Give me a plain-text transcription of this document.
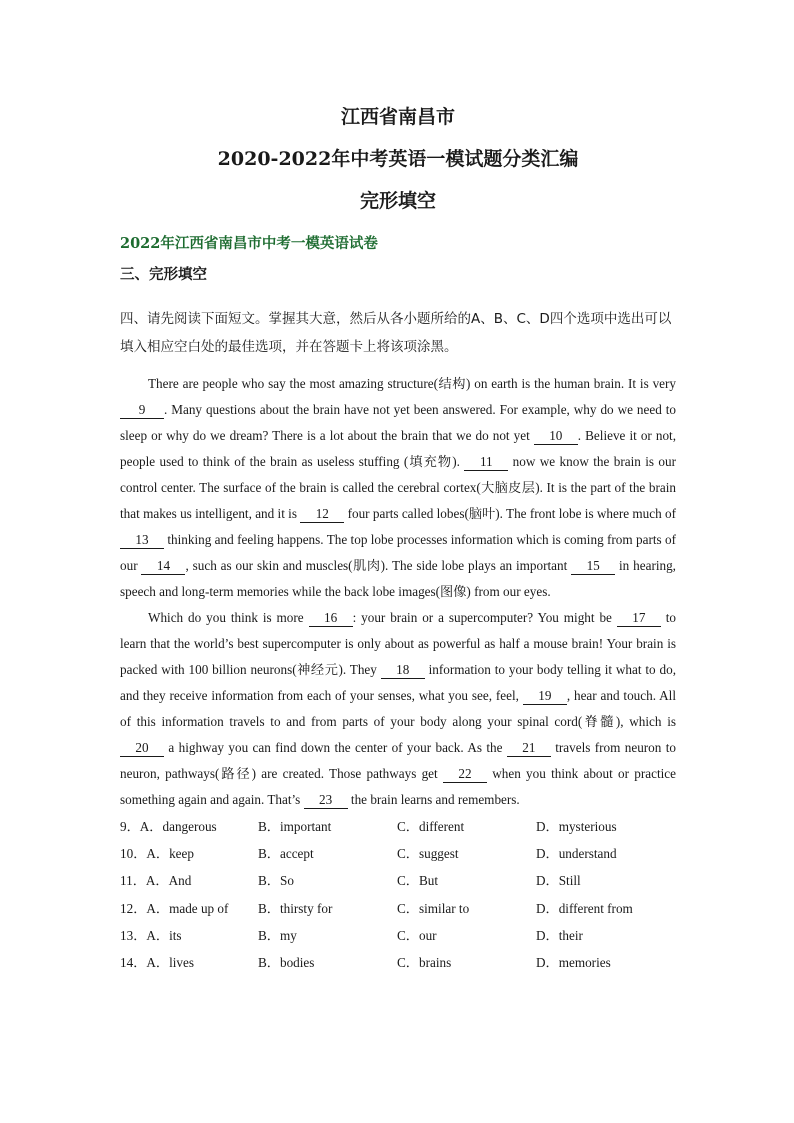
江西省南昌市
2020-2022年中考英语一模试题分类汇编
完形填空

2022年江西省南昌市中考一模英语试卷

三、完形填空

四、请先阅读下面短文。掌握其大意，然后从各小题所给的A、B、C、D四个选项中选出可以填入相应空白处的最佳选项，并在答题卡上将该项涂黑。

There are people who say the most amazing structure(结构) on earth is the human brain. It is very 9 . Many questions about the brain have not yet been answered. For example, why do we need to sleep or why do we dream? There is a lot about the brain that we do not yet 10 . Believe it or not, people used to think of the brain as useless stuffing (填充物). 11 now we know the brain is our control center. The surface of the brain is called the cerebral cortex(大脑皮层). It is the part of the brain that makes us intelligent, and it is 12 four parts called lobes(脑叶). The front lobe is where much of 13 thinking and feeling happens. The top lobe processes information which is coming from parts of our 14 , such as our skin and muscles(肌肉). The side lobe plays an important 15 in hearing, speech and long-term memories while the back lobe images(图像) from our eyes.

Which do you think is more 16 : your brain or a supercomputer? You might be 17 to learn that the world’s best supercomputer is only about as powerful as half a mouse brain! Your brain is packed with 100 billion neurons(神经元). They 18 information to your body telling it what to do, and they receive information from each of your senses, what you see, feel, 19 , hear and touch. All of this information travels to and from parts of your body along your spinal cord(脊髓), which is 20 a highway you can find down the center of your back. As the 21 travels from neuron to neuron, pathways(路径) are created. Those pathways get 22 when you think about or practice something again and again. That’s 23 the brain learns and remembers.

9．A．dangerous	B．important	C．different	D．mysterious
10．A．keep	B．accept	C．suggest	D．understand
11．A．And	B．So	C．But	D．Still
12．A．made up of	B．thirsty for	C．similar to	D．different from
13．A．its	B．my	C．our	D．their
14．A．lives	B．bodies	C．brains	D．memories
